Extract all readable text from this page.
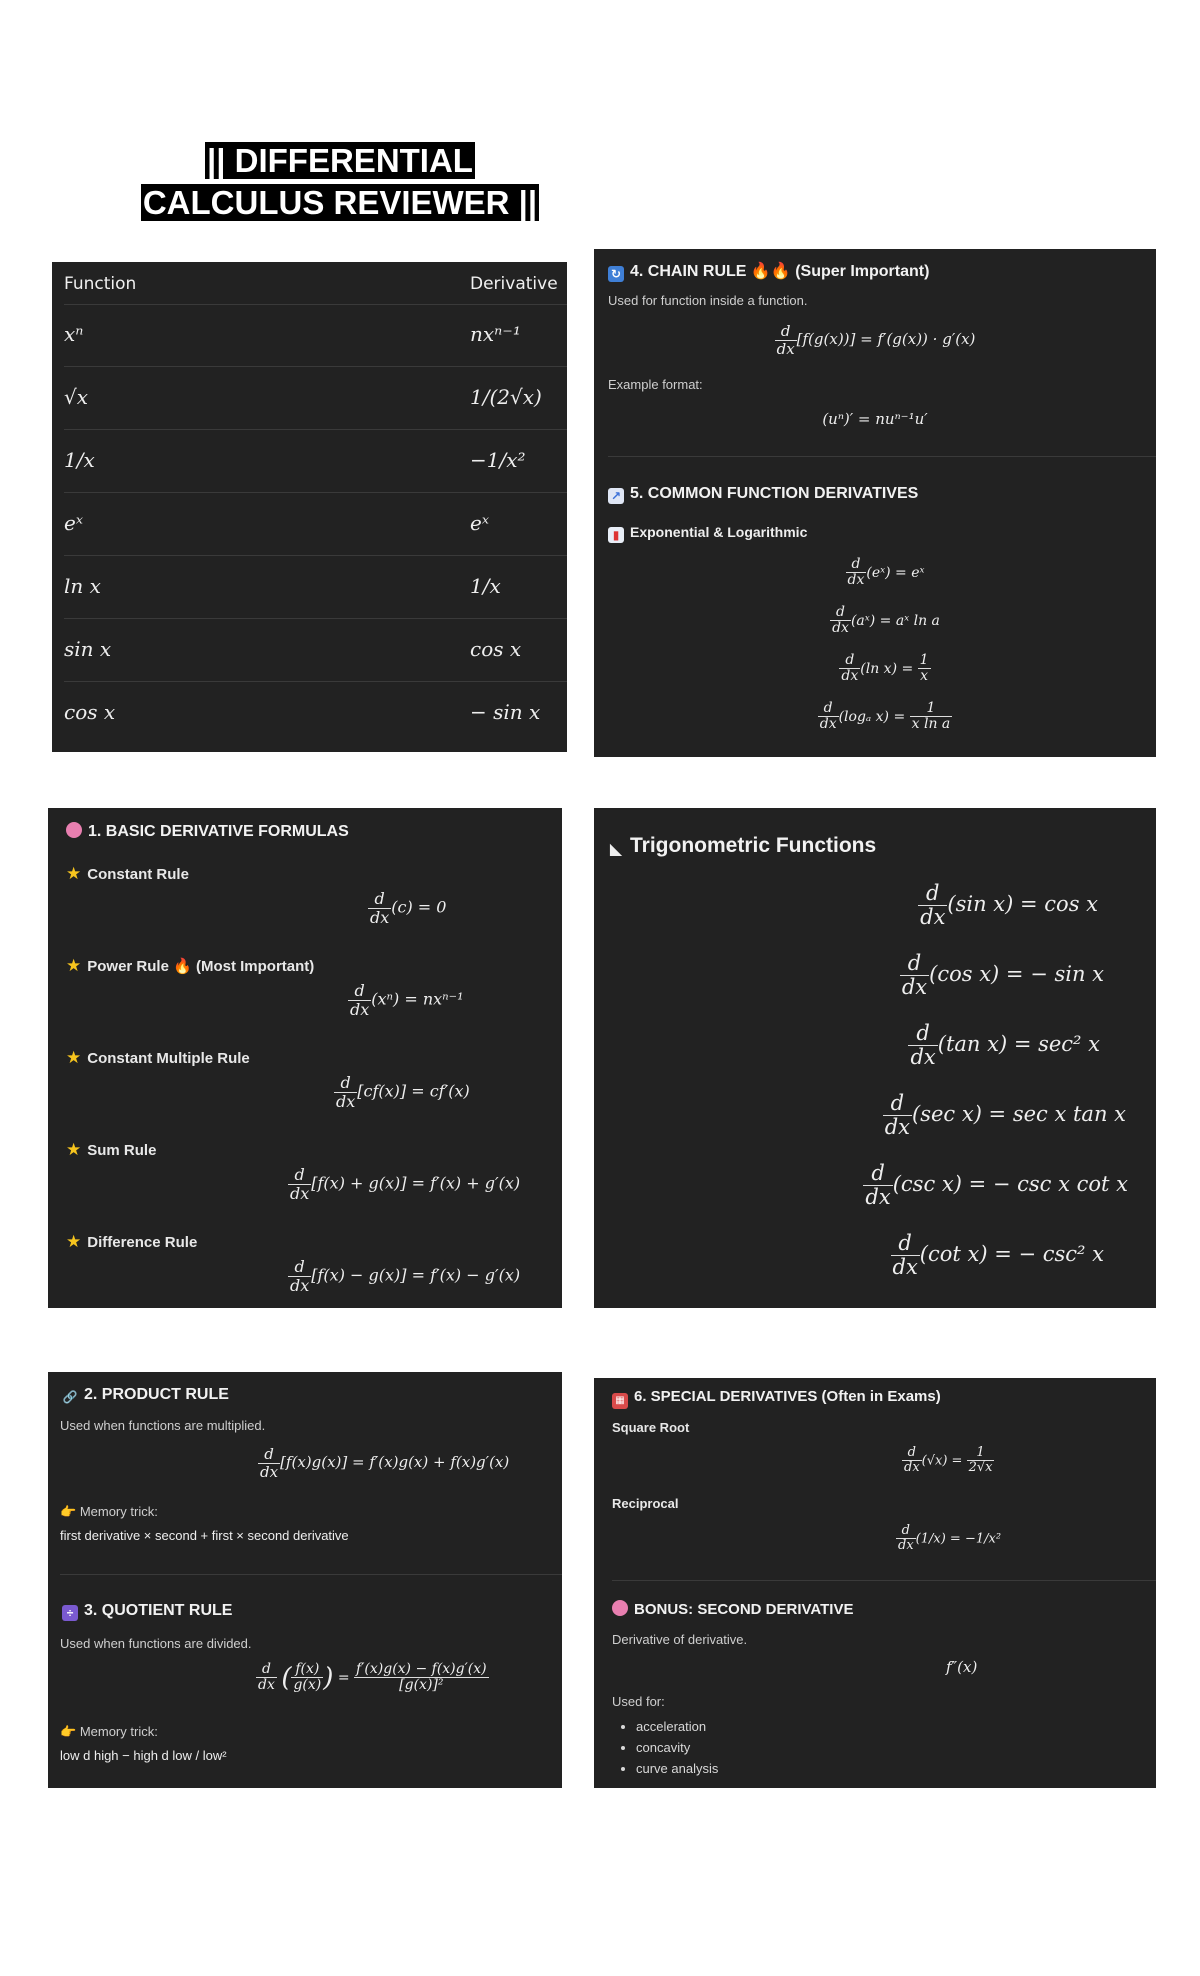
|| DIFFERENTIAL
CALCULUS REVIEWER ||
Function	Derivative
xⁿ	nxⁿ⁻¹
√x	1/(2√x)
1/x	−1/x²
eˣ	eˣ
ln x	1/x
sin x	cos x
cos x	− sin x
↻ 4. CHAIN RULE 🔥🔥 (Super Important)
Used for function inside a function.
$\frac{d}{dx} [f(g(x))] = f'(g(x)) \cdot g'(x)$
Example format:
(uⁿ)′ = nuⁿ⁻¹u′
↗ 5. COMMON FUNCTION DERIVATIVES
▮ Exponential & Logarithmic
$\frac{d}{dx}$ (eˣ) = eˣ
$\frac{d}{dx}$ (aˣ) = aˣ ln a
$\frac{d}{dx} (\ln$ $x) = \frac{1}{x}$
$\frac{d}{dx} (\log_a$ $x) = \frac{1}{\text{x ln a}}$
1. BASIC DERIVATIVE FORMULAS
★ Constant Rule
$\frac{d}{dx} (c) = 0$
★ Power Rule 🔥 (Most Important)
$\frac{d}{dx} (x^n) = nx^{n-1}$
★ Constant Multiple Rule
$\frac{d}{dx} [cf(x)] = cf'(x)$
★ Sum Rule
$\frac{d}{dx} [f(x) + g(x)] = f'(x) + g'(x)$
★ Difference Rule
$\frac{d}{dx} [f(x) - g(x)] = f'(x) - g'(x)$
◣ Trigonometric Functions
$\frac{d}{dx} (\sin$ x) = cos x
$\frac{d}{dx} (\cos$ x) = − sin x
$\frac{d}{dx} (\tan$ x) = sec² x
$\frac{d}{dx} (\sec$ x) = sec x tan x
$\frac{d}{dx} (\csc$ x) = − csc x cot x
$\frac{d}{dx} (\cot$ x) = − csc² x
🔗 2. PRODUCT RULE
Used when functions are multiplied.
$\frac{d}{dx} [f(x)g(x)] = f'(x)g(x) + f(x)g'(x)$
👉 Memory trick:
first derivative × second + first × second derivative
÷ 3. QUOTIENT RULE
Used when functions are divided.
$\frac{d}{dx}$ ( $\frac{f(x)}{g(x)}$ ) = $\frac{f'(x)g(x) - f(x)g'(x)}{\text{[g(x)]²}}$
👉 Memory trick:
low d high − high d low / low²
▦ 6. SPECIAL DERIVATIVES (Often in Exams)
Square Root
$\frac{d}{dx} (√x) = \frac{1}{2√x}$
Reciprocal
$\frac{d}{dx} (1/x) = -1/x^2$
BONUS: SECOND DERIVATIVE
Derivative of derivative.
f″(x)
Used for:
• acceleration
• concavity
• curve analysis
